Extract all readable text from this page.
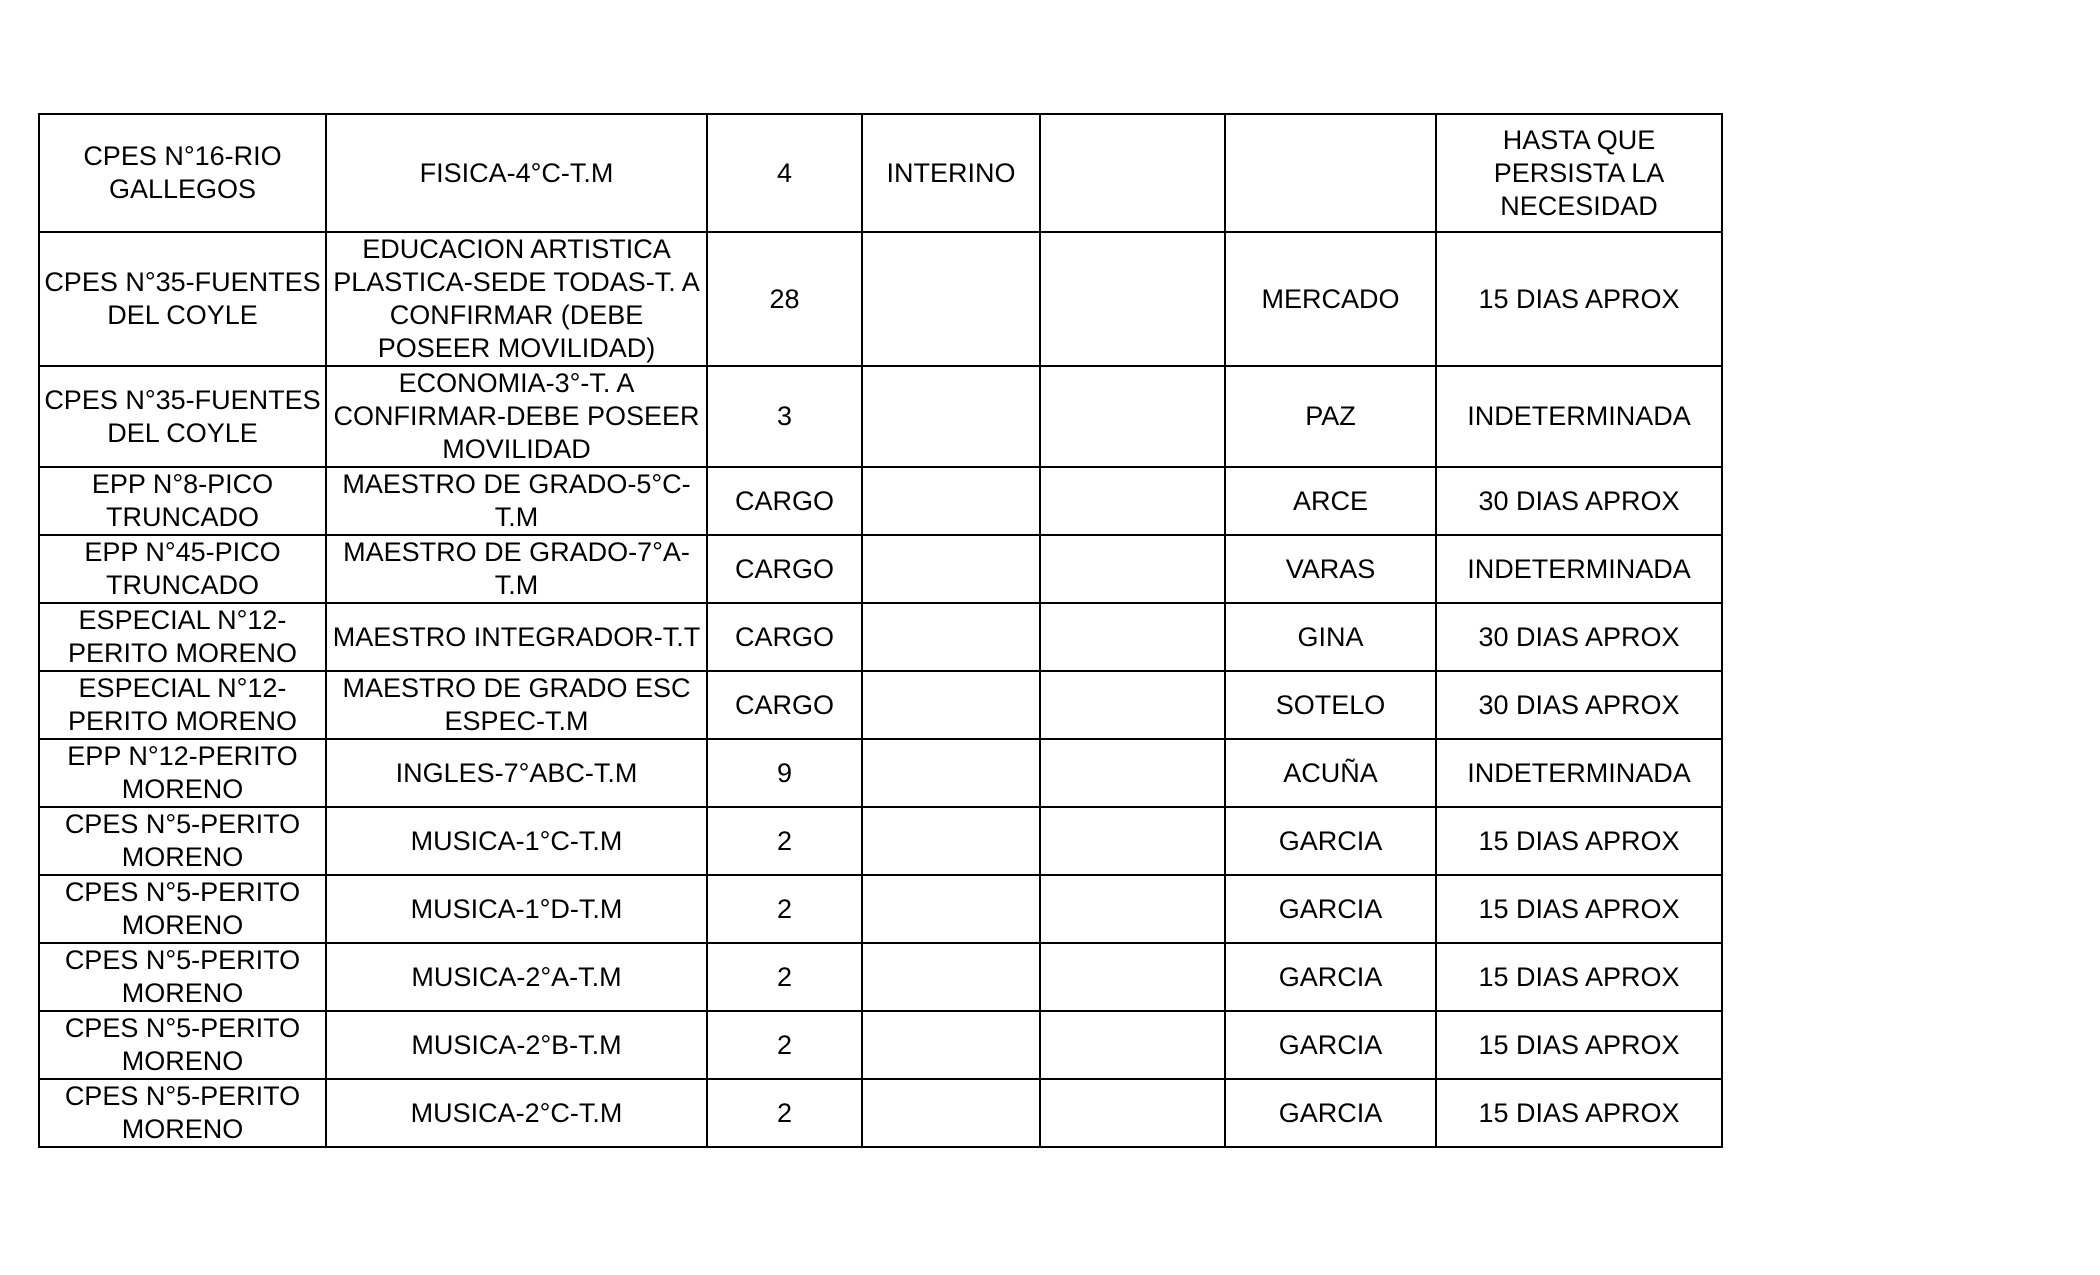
CPES N°16-RIO GALLEGOS	FISICA-4°C-T.M	4	INTERINO			HASTA QUE PERSISTA LA NECESIDAD
CPES N°35-FUENTES DEL COYLE	EDUCACION ARTISTICA PLASTICA-SEDE TODAS-T. A CONFIRMAR (DEBE POSEER MOVILIDAD)	28			MERCADO	15 DIAS APROX
CPES N°35-FUENTES DEL COYLE	ECONOMIA-3°-T. A CONFIRMAR-DEBE POSEER MOVILIDAD	3			PAZ	INDETERMINADA
EPP N°8-PICO TRUNCADO	MAESTRO DE GRADO-5°C-T.M	CARGO			ARCE	30 DIAS APROX
EPP N°45-PICO TRUNCADO	MAESTRO DE GRADO-7°A-T.M	CARGO			VARAS	INDETERMINADA
ESPECIAL N°12-PERITO MORENO	MAESTRO INTEGRADOR-T.T	CARGO			GINA	30 DIAS APROX
ESPECIAL N°12-PERITO MORENO	MAESTRO DE GRADO ESC ESPEC-T.M	CARGO			SOTELO	30 DIAS APROX
EPP N°12-PERITO MORENO	INGLES-7°ABC-T.M	9			ACUÑA	INDETERMINADA
CPES N°5-PERITO MORENO	MUSICA-1°C-T.M	2			GARCIA	15 DIAS APROX
CPES N°5-PERITO MORENO	MUSICA-1°D-T.M	2			GARCIA	15 DIAS APROX
CPES N°5-PERITO MORENO	MUSICA-2°A-T.M	2			GARCIA	15 DIAS APROX
CPES N°5-PERITO MORENO	MUSICA-2°B-T.M	2			GARCIA	15 DIAS APROX
CPES N°5-PERITO MORENO	MUSICA-2°C-T.M	2			GARCIA	15 DIAS APROX
